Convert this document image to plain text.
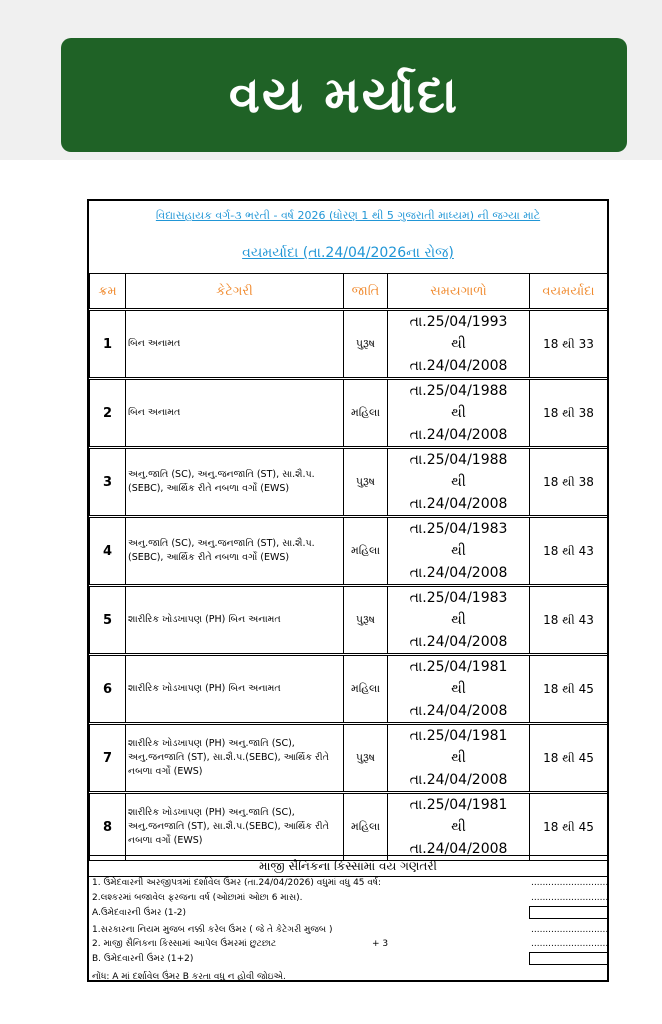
વય મર્યાદા
વિદ્યાસહાયક વર્ગ-૩ ભરતી - વર્ષ 2026 (ધોરણ 1 થી 5 ગુજરાતી માધ્યમ) ની જગ્યા માટે
વયમર્યાદા (તા.24/04/2026ના રોજ)
ક્રમ	કેટેગરી	જાતિ	સમયગાળો	વયમર્યાદા

1	બિન અનામત	પુરૂષ	તા.25/04/1993
થી
તા.24/04/2008	18 થી 33

2	બિન અનામત	મહિલા	તા.25/04/1988
થી
તા.24/04/2008	18 થી 38

3	અનુ.જાતિ (SC), અનુ.જનજાતિ (ST), સા.શૈ.પ.(SEBC), આર્થિક રીતે નબળા વર્ગો (EWS)	પુરૂષ	તા.25/04/1988
થી
તા.24/04/2008	18 થી 38

4	અનુ.જાતિ (SC), અનુ.જનજાતિ (ST), સા.શૈ.પ.(SEBC), આર્થિક રીતે નબળા વર્ગો (EWS)	મહિલા	તા.25/04/1983
થી
તા.24/04/2008	18 થી 43

5	શારીરિક ખોડખાપણ (PH) બિન અનામત	પુરૂષ	તા.25/04/1983
થી
તા.24/04/2008	18 થી 43

6	શારીરિક ખોડખાપણ (PH) બિન અનામત	મહિલા	તા.25/04/1981
થી
તા.24/04/2008	18 થી 45

7	શારીરિક ખોડખાપણ (PH) અનુ.જાતિ (SC), અનુ.જનજાતિ (ST), સા.શૈ.પ.(SEBC), આર્થિક રીતે નબળા વર્ગો (EWS)	પુરૂષ	તા.25/04/1981
થી
તા.24/04/2008	18 થી 45

8	શારીરિક ખોડખાપણ (PH) અનુ.જાતિ (SC), અનુ.જનજાતિ (ST), સા.શૈ.પ.(SEBC), આર્થિક રીતે નબળા વર્ગો (EWS)	મહિલા	તા.25/04/1981
થી
તા.24/04/2008	18 થી 45
માજી સૈનિકના કિસ્સામાં વય ગણતરી
1. ઉમેદવારની અરજીપત્રમાં દર્શાવેલ ઉંમર (તા.24/04/2026) વધુમાં વધુ 45 વર્ષ:	...........................
2.લશ્કરમાં બજાવેલ ફરજના વર્ષ (ઓછામાં ઓછા 6 માસ).	...........................
A.ઉમેદવારની ઉંમર (1-2)
1.સરકારના નિયમ મુજબ નક્કી કરેલ ઉંમર ( જે તે કેટેગરી મુજબ )	...........................
2. માજી સૈનિકના કિસ્સામાં આપેલ ઉંમરમાં છુટછાટ	+ 3	...........................
B. ઉમેદવારની ઉંમર (1+2)
નોંધ: A માં દર્શાવેલ ઉંમર B કરતા વધુ ન હોવી જોઇએ.
